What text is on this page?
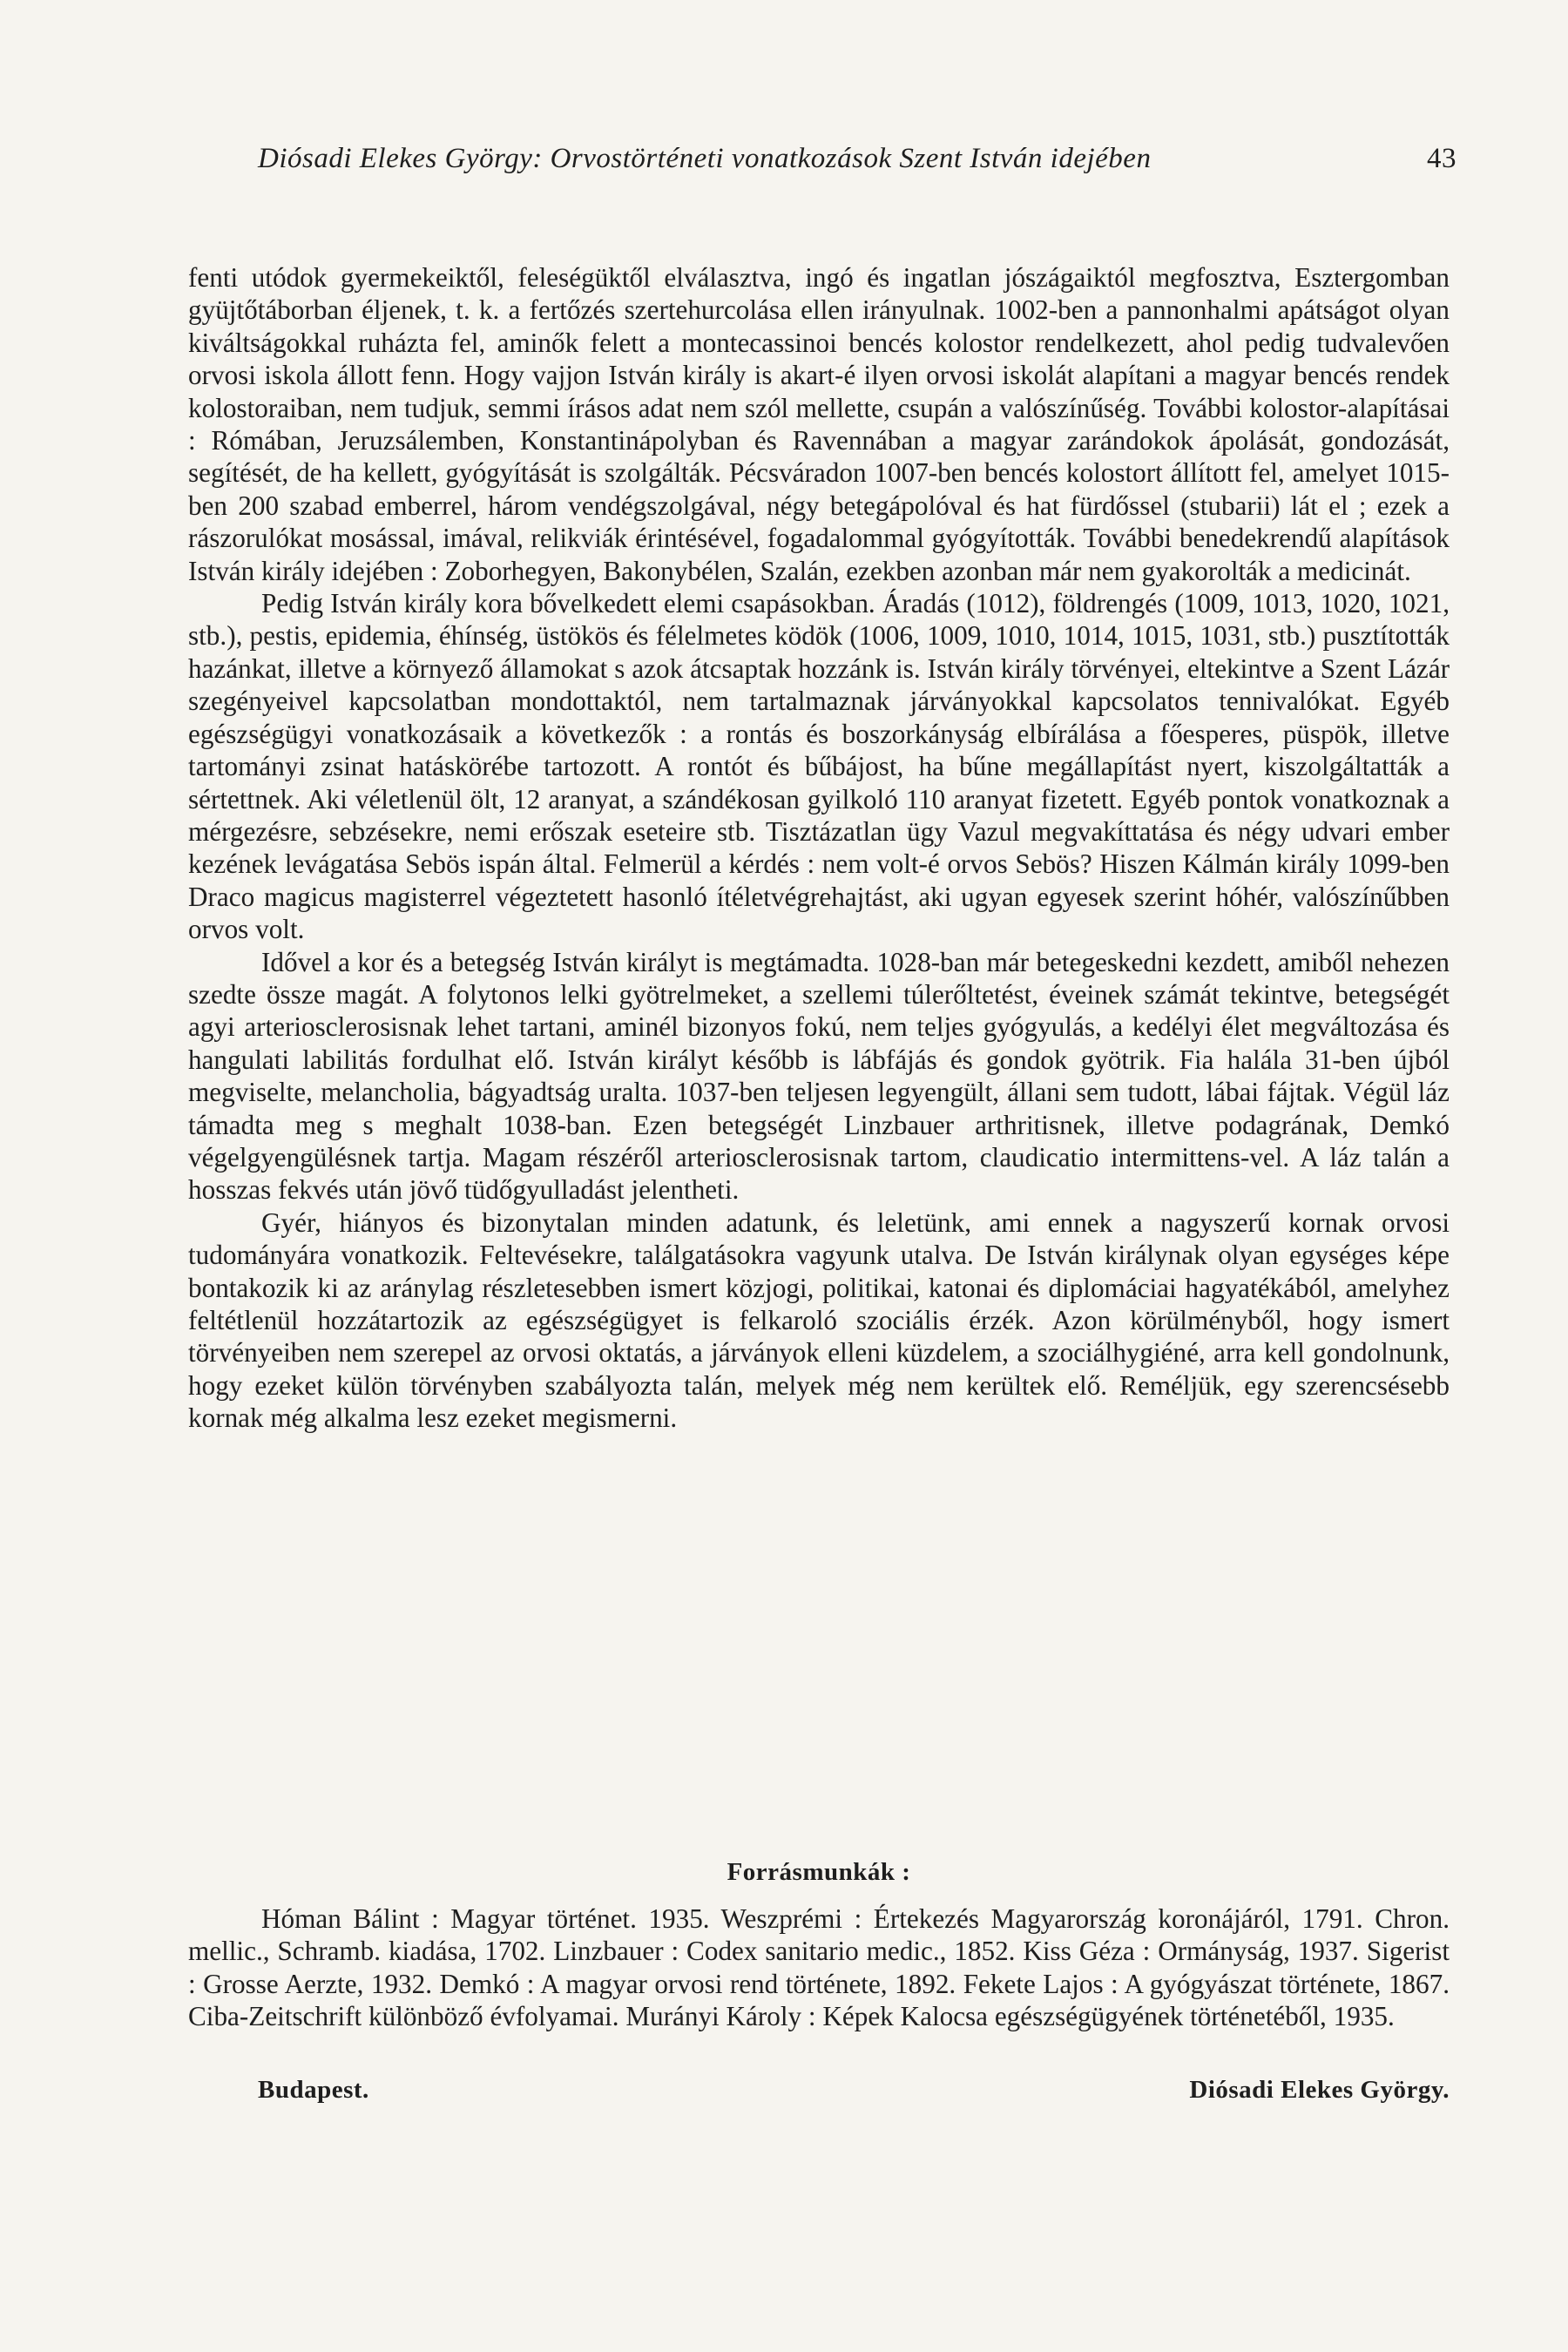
Diósadi Elekes György: Orvostörténeti vonatkozások Szent István idejében	43

fenti utódok gyermekeiktől, feleségüktől elválasztva, ingó és ingatlan jószágaiktól megfosztva, Esztergomban gyüjtőtáborban éljenek, t. k. a fertőzés szertehurcolása ellen irányulnak. 1002-ben a pannonhalmi apátságot olyan kiváltságokkal ruházta fel, aminők felett a montecassinoi bencés kolostor rendelkezett, ahol pedig tudvalevően orvosi iskola állott fenn. Hogy vajjon István király is akart-é ilyen orvosi iskolát alapítani a magyar bencés rendek kolostoraiban, nem tudjuk, semmi írásos adat nem szól mellette, csupán a valószínűség. További kolostor-alapításai : Rómában, Jeruzsálemben, Konstantinápolyban és Ravennában a magyar zarándokok ápolását, gondozását, segítését, de ha kellett, gyógyítását is szolgálták. Pécsváradon 1007-ben bencés kolostort állított fel, amelyet 1015-ben 200 szabad emberrel, három vendégszolgával, négy betegápolóval és hat fürdőssel (stubarii) lát el ; ezek a rászorulókat mosással, imával, relikviák érintésével, fogadalommal gyógyították. További benedekrendű alapítások István király idejében : Zoborhegyen, Bakonybélen, Szalán, ezekben azonban már nem gyakorolták a medicinát.

Pedig István király kora bővelkedett elemi csapásokban. Áradás (1012), földrengés (1009, 1013, 1020, 1021, stb.), pestis, epidemia, éhínség, üstökös és félelmetes ködök (1006, 1009, 1010, 1014, 1015, 1031, stb.) pusztították hazánkat, illetve a környező államokat s azok átcsaptak hozzánk is. István király törvényei, eltekintve a Szent Lázár szegényeivel kapcsolatban mondottaktól, nem tartalmaznak járványokkal kapcsolatos tennivalókat. Egyéb egészségügyi vonatkozásaik a következők : a rontás és boszorkányság elbírálása a főesperes, püspök, illetve tartományi zsinat hatáskörébe tartozott. A rontót és bűbájost, ha bűne megállapítást nyert, kiszolgáltatták a sértettnek. Aki véletlenül ölt, 12 aranyat, a szándékosan gyilkoló 110 aranyat fizetett. Egyéb pontok vonatkoznak a mérgezésre, sebzésekre, nemi erőszak eseteire stb. Tisztázatlan ügy Vazul megvakíttatása és négy udvari ember kezének levágatása Sebös ispán által. Felmerül a kérdés : nem volt-é orvos Sebös? Hiszen Kálmán király 1099-ben Draco magicus magisterrel végeztetett hasonló ítéletvégrehajtást, aki ugyan egyesek szerint hóhér, valószínűbben orvos volt.

Idővel a kor és a betegség István királyt is megtámadta. 1028-ban már betegeskedni kezdett, amiből nehezen szedte össze magát. A folytonos lelki gyötrelmeket, a szellemi túlerőltetést, éveinek számát tekintve, betegségét agyi arteriosclerosisnak lehet tartani, aminél bizonyos fokú, nem teljes gyógyulás, a kedélyi élet megváltozása és hangulati labilitás fordulhat elő. István királyt később is lábfájás és gondok gyötrik. Fia halála 31-ben újból megviselte, melancholia, bágyadtság uralta. 1037-ben teljesen legyengült, állani sem tudott, lábai fájtak. Végül láz támadta meg s meghalt 1038-ban. Ezen betegségét Linzbauer arthritisnek, illetve podagrának, Demkó végelgyengülésnek tartja. Magam részéről arteriosclerosisnak tartom, claudicatio intermittens-vel. A láz talán a hosszas fekvés után jövő tüdőgyulladást jelentheti.

Gyér, hiányos és bizonytalan minden adatunk, és leletünk, ami ennek a nagyszerű kornak orvosi tudományára vonatkozik. Feltevésekre, találgatásokra vagyunk utalva. De István királynak olyan egységes képe bontakozik ki az aránylag részletesebben ismert közjogi, politikai, katonai és diplomáciai hagyatékából, amelyhez feltétlenül hozzátartozik az egészségügyet is felkaroló szociális érzék. Azon körülményből, hogy ismert törvényeiben nem szerepel az orvosi oktatás, a járványok elleni küzdelem, a szociálhygiéné, arra kell gondolnunk, hogy ezeket külön törvényben szabályozta talán, melyek még nem kerültek elő. Reméljük, egy szerencsésebb kornak még alkalma lesz ezeket megismerni.

Forrásmunkák :

Hóman Bálint : Magyar történet. 1935. Weszprémi : Értekezés Magyarország koronájáról, 1791. Chron. mellic., Schramb. kiadása, 1702. Linzbauer : Codex sanitario medic., 1852. Kiss Géza : Ormányság, 1937. Sigerist : Grosse Aerzte, 1932. Demkó : A magyar orvosi rend története, 1892. Fekete Lajos : A gyógyászat története, 1867. Ciba-Zeitschrift különböző évfolyamai. Murányi Károly : Képek Kalocsa egészségügyének történetéből, 1935.

Budapest.	Diósadi Elekes György.
